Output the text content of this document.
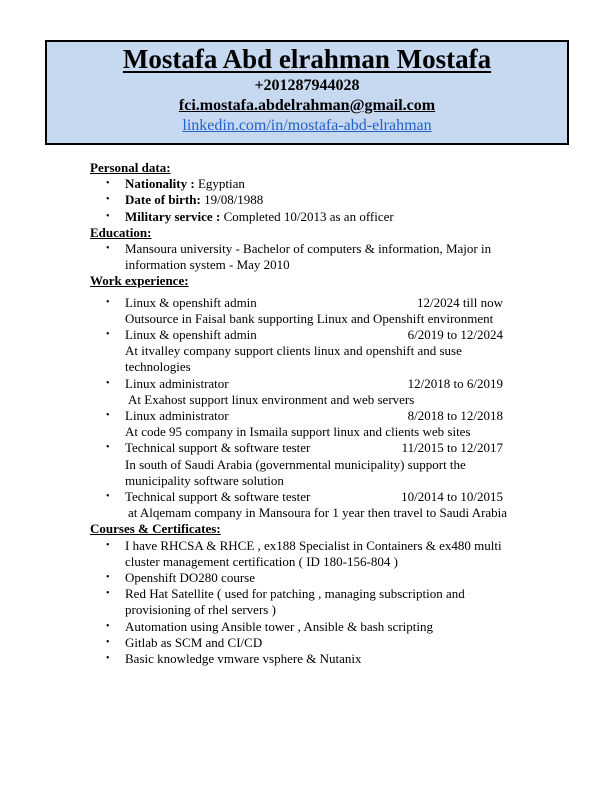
Mostafa Abd elrahman Mostafa
+201287944028
fci.mostafa.abdelrahman@gmail.com
linkedin.com/in/mostafa-abd-elrahman
Personal data:
• Nationality : Egyptian
• Date of birth: 19/08/1988
• Military service : Completed 10/2013 as an officer
Education:
• Mansoura university - Bachelor of computers & information, Major in information system - May 2010
Work experience:
• Linux & openshift admin	12/2024 till now
Outsource in Faisal bank supporting Linux and Openshift environment
• Linux & openshift admin	6/2019 to 12/2024
At itvalley company support clients linux and openshift and suse technologies
• Linux administrator	12/2018 to 6/2019
At Exahost support linux environment and web servers
• Linux administrator	8/2018 to 12/2018
At code 95 company in Ismaila support linux and clients web sites
• Technical support & software tester	11/2015 to 12/2017
In south of Saudi Arabia (governmental municipality) support the municipality software solution
• Technical support & software tester	10/2014 to 10/2015
at Alqemam company in Mansoura for 1 year then travel to Saudi Arabia
Courses & Certificates:
• I have RHCSA & RHCE , ex188 Specialist in Containers & ex480 multi cluster management certification ( ID 180-156-804 )
• Openshift DO280 course
• Red Hat Satellite ( used for patching , managing subscription and provisioning of rhel servers )
• Automation using Ansible tower , Ansible & bash scripting
• Gitlab as SCM and CI/CD
• Basic knowledge vmware vsphere & Nutanix
